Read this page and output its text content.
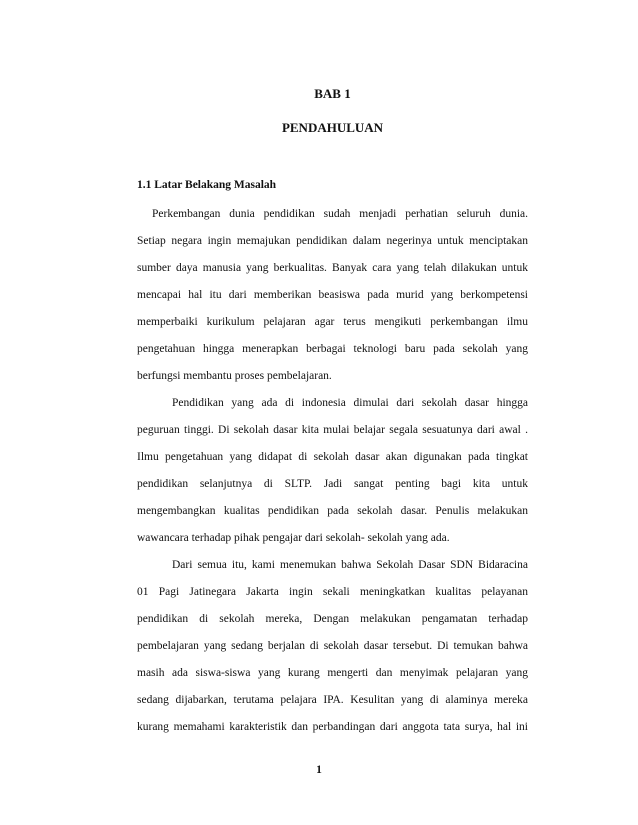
BAB 1
PENDAHULUAN
1.1 Latar Belakang Masalah

Perkembangan dunia pendidikan sudah menjadi perhatian seluruh dunia.

Setiap negara ingin memajukan pendidikan dalam negerinya untuk menciptakan

sumber daya manusia yang berkualitas. Banyak cara yang telah dilakukan untuk

mencapai hal itu dari memberikan beasiswa pada murid yang berkompetensi

memperbaiki kurikulum pelajaran agar terus mengikuti perkembangan ilmu

pengetahuan hingga menerapkan berbagai teknologi baru pada sekolah yang

berfungsi membantu proses pembelajaran.

Pendidikan yang ada di indonesia dimulai dari sekolah dasar hingga

peguruan tinggi. Di sekolah dasar kita mulai belajar segala sesuatunya dari awal .

Ilmu pengetahuan yang didapat di sekolah dasar akan digunakan pada tingkat

pendidikan selanjutnya di SLTP. Jadi sangat penting bagi kita untuk

mengembangkan kualitas pendidikan pada sekolah dasar. Penulis melakukan

wawancara terhadap pihak pengajar dari sekolah- sekolah yang ada.

Dari semua itu, kami menemukan bahwa Sekolah Dasar SDN Bidaracina

01 Pagi Jatinegara Jakarta ingin sekali meningkatkan kualitas pelayanan

pendidikan di sekolah mereka, Dengan melakukan pengamatan terhadap

pembelajaran yang sedang berjalan di sekolah dasar tersebut. Di temukan bahwa

masih ada siswa-siswa yang kurang mengerti dan menyimak pelajaran yang

sedang dijabarkan, terutama pelajara IPA. Kesulitan yang di alaminya mereka

kurang memahami karakteristik dan perbandingan dari anggota tata surya, hal ini

1
